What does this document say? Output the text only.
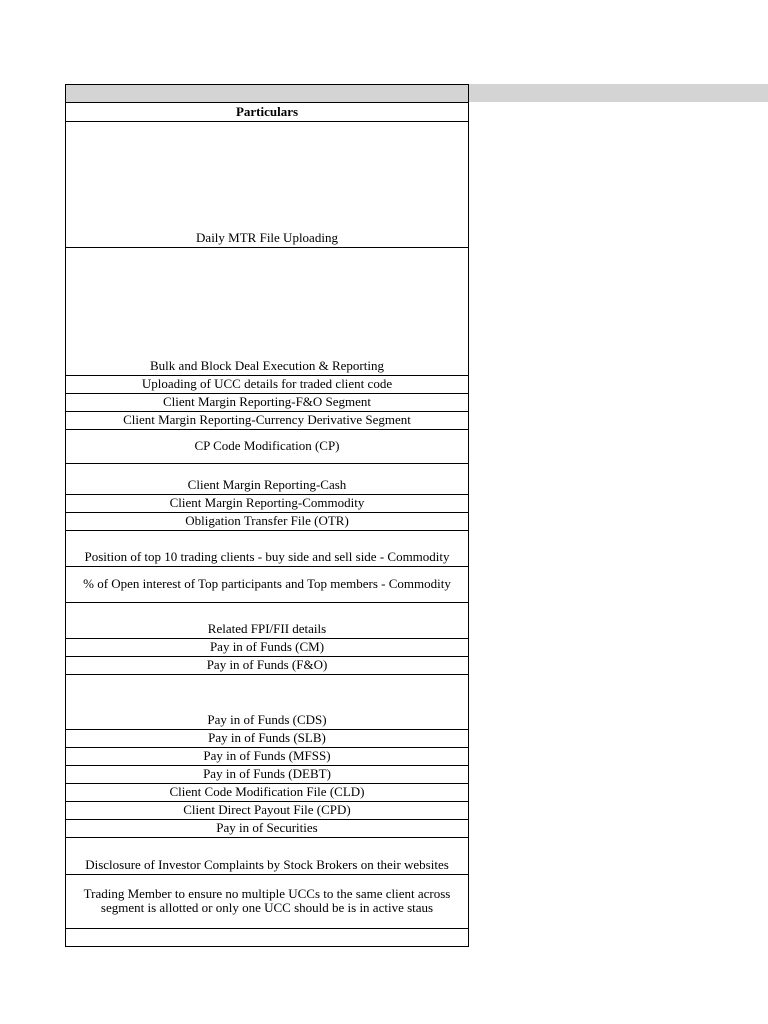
Particulars
Daily MTR File Uploading
Bulk and Block Deal Execution & Reporting
Uploading of UCC details for traded client code
Client Margin Reporting-F&O Segment
Client Margin Reporting-Currency Derivative Segment
CP Code Modification (CP)
Client Margin Reporting-Cash
Client Margin Reporting-Commodity
Obligation Transfer File (OTR)
Position of top 10 trading clients - buy side and sell side - Commodity
% of Open interest of Top participants and Top members - Commodity
Related FPI/FII details
Pay in of Funds (CM)
Pay in of Funds (F&O)
Pay in of Funds (CDS)
Pay in of Funds (SLB)
Pay in of Funds (MFSS)
Pay in of Funds (DEBT)
Client Code Modification File (CLD)
Client Direct Payout File (CPD)
Pay in of Securities
Disclosure of Investor Complaints by Stock Brokers on their websites
Trading Member to ensure no multiple UCCs to the same client across segment is allotted or only one UCC should be is in active staus
